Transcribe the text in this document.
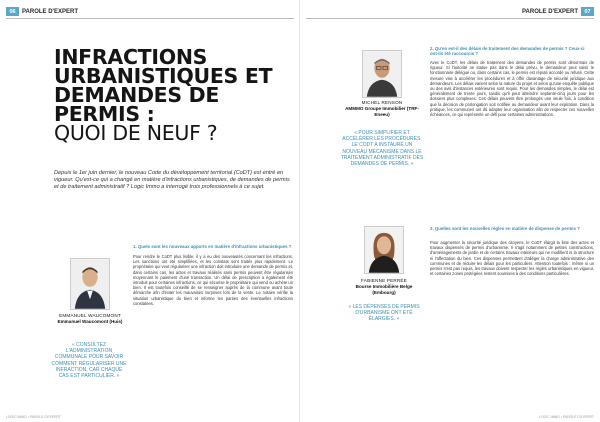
06	PAROLE D'EXPERT
INFRACTIONS URBANISTIQUES ET DEMANDES DE PERMIS :
QUOI DE NEUF ?

Depuis le 1er juin dernier, le nouveau Code du développement territorial (CoDT) est entré en vigueur. Qu'est-ce qui a changé en matière d'infractions urbanistiques, de demandes de permis et de traitement administratif ? Logic Immo a interrogé trois professionnels à ce sujet.

EMMANUEL WAUCOMONT
Emmanuel Waucomont (Huis)

« CONSULTEZ L'ADMINISTRATION COMMUNALE POUR SAVOIR COMMENT RÉGULARISER UNE INFRACTION, CAR CHAQUE CAS EST PARTICULIER. »

1. Quels sont les nouveaux apports en matière d'infractions urbanistiques ?

Pour rendre le CoDT plus lisible, il y a eu des nouveautés concernant les infractions. Les sanctions ont été simplifiées, et les constats sont traités plus rapidement. Le propriétaire qui veut régulariser une infraction doit introduire une demande de permis et, dans certains cas, les actes et travaux réalisés sans permis peuvent être régularisés moyennant le paiement d'une transaction. Un délai de prescription a également été introduit pour certaines infractions, ce qui sécurise le propriétaire qui vend ou achète un bien. Il est toutefois conseillé de se renseigner auprès de la commune avant toute démarche afin d'éviter les mauvaises surprises lors de la vente. Le notaire vérifie la situation urbanistique du bien et informe les parties des éventuelles infractions constatées.

LOGIC IMMO • PAROLE D'EXPERT
PAROLE D'EXPERT	07
MICHEL RENSON
AMMMO Groupe Immobilier (TRF-Eneeu)

« POUR SIMPLIFIER ET ACCÉLÉRER LES PROCÉDURES, LE CODT A INSTAURÉ UN NOUVEAU MÉCANISME DANS LE TRAITEMENT ADMINISTRATIF DES DEMANDES DE PERMIS. »

2. Qu'en est-il des délais de traitement des demandes de permis ? Ceux-ci ont-ils été raccourcis ?

Avec le CoDT, les délais de traitement des demandes de permis sont désormais de rigueur. Si l'autorité ne statue pas dans le délai prévu, le demandeur peut saisir le fonctionnaire délégué ou, dans certains cas, le permis est réputé accordé ou refusé. Cette mesure vise à accélérer les procédures et à offrir davantage de sécurité juridique aux demandeurs. Les délais varient selon la nature du projet et selon qu'une enquête publique ou des avis d'instances extérieures sont requis. Pour les demandes simples, le délai est généralement de trente jours, tandis qu'il peut atteindre septante-cinq jours pour les dossiers plus complexes. Ces délais peuvent être prolongés une seule fois, à condition que la décision de prolongation soit notifiée au demandeur avant leur expiration. Dans la pratique, les communes ont dû adapter leur organisation afin de respecter ces nouvelles échéances, ce qui représente un défi pour certaines administrations.

FABIENNE PERRÉE
Bourse Immobilière Belge (Embourg)

« LES DÉPENSES DE PERMIS D'URBANISME ONT ÉTÉ ÉLARGIES. »

3. Quelles sont les nouvelles règles en matière de dispense de permis ?

Pour augmenter la sécurité juridique des citoyens, le CoDT élargit la liste des actes et travaux dispensés de permis d'urbanisme. Il s'agit notamment de petites constructions, d'aménagements de jardin et de certains travaux intérieurs qui ne modifient ni la structure ni l'affectation du bien. Ces dispenses permettent d'alléger la charge administrative des communes et de réduire les délais pour les particuliers. Attention toutefois : même si un permis n'est pas requis, les travaux doivent respecter les règles urbanistiques en vigueur, et certaines zones protégées restent soumises à des conditions particulières.

LOGIC IMMO • PAROLE D'EXPERT
